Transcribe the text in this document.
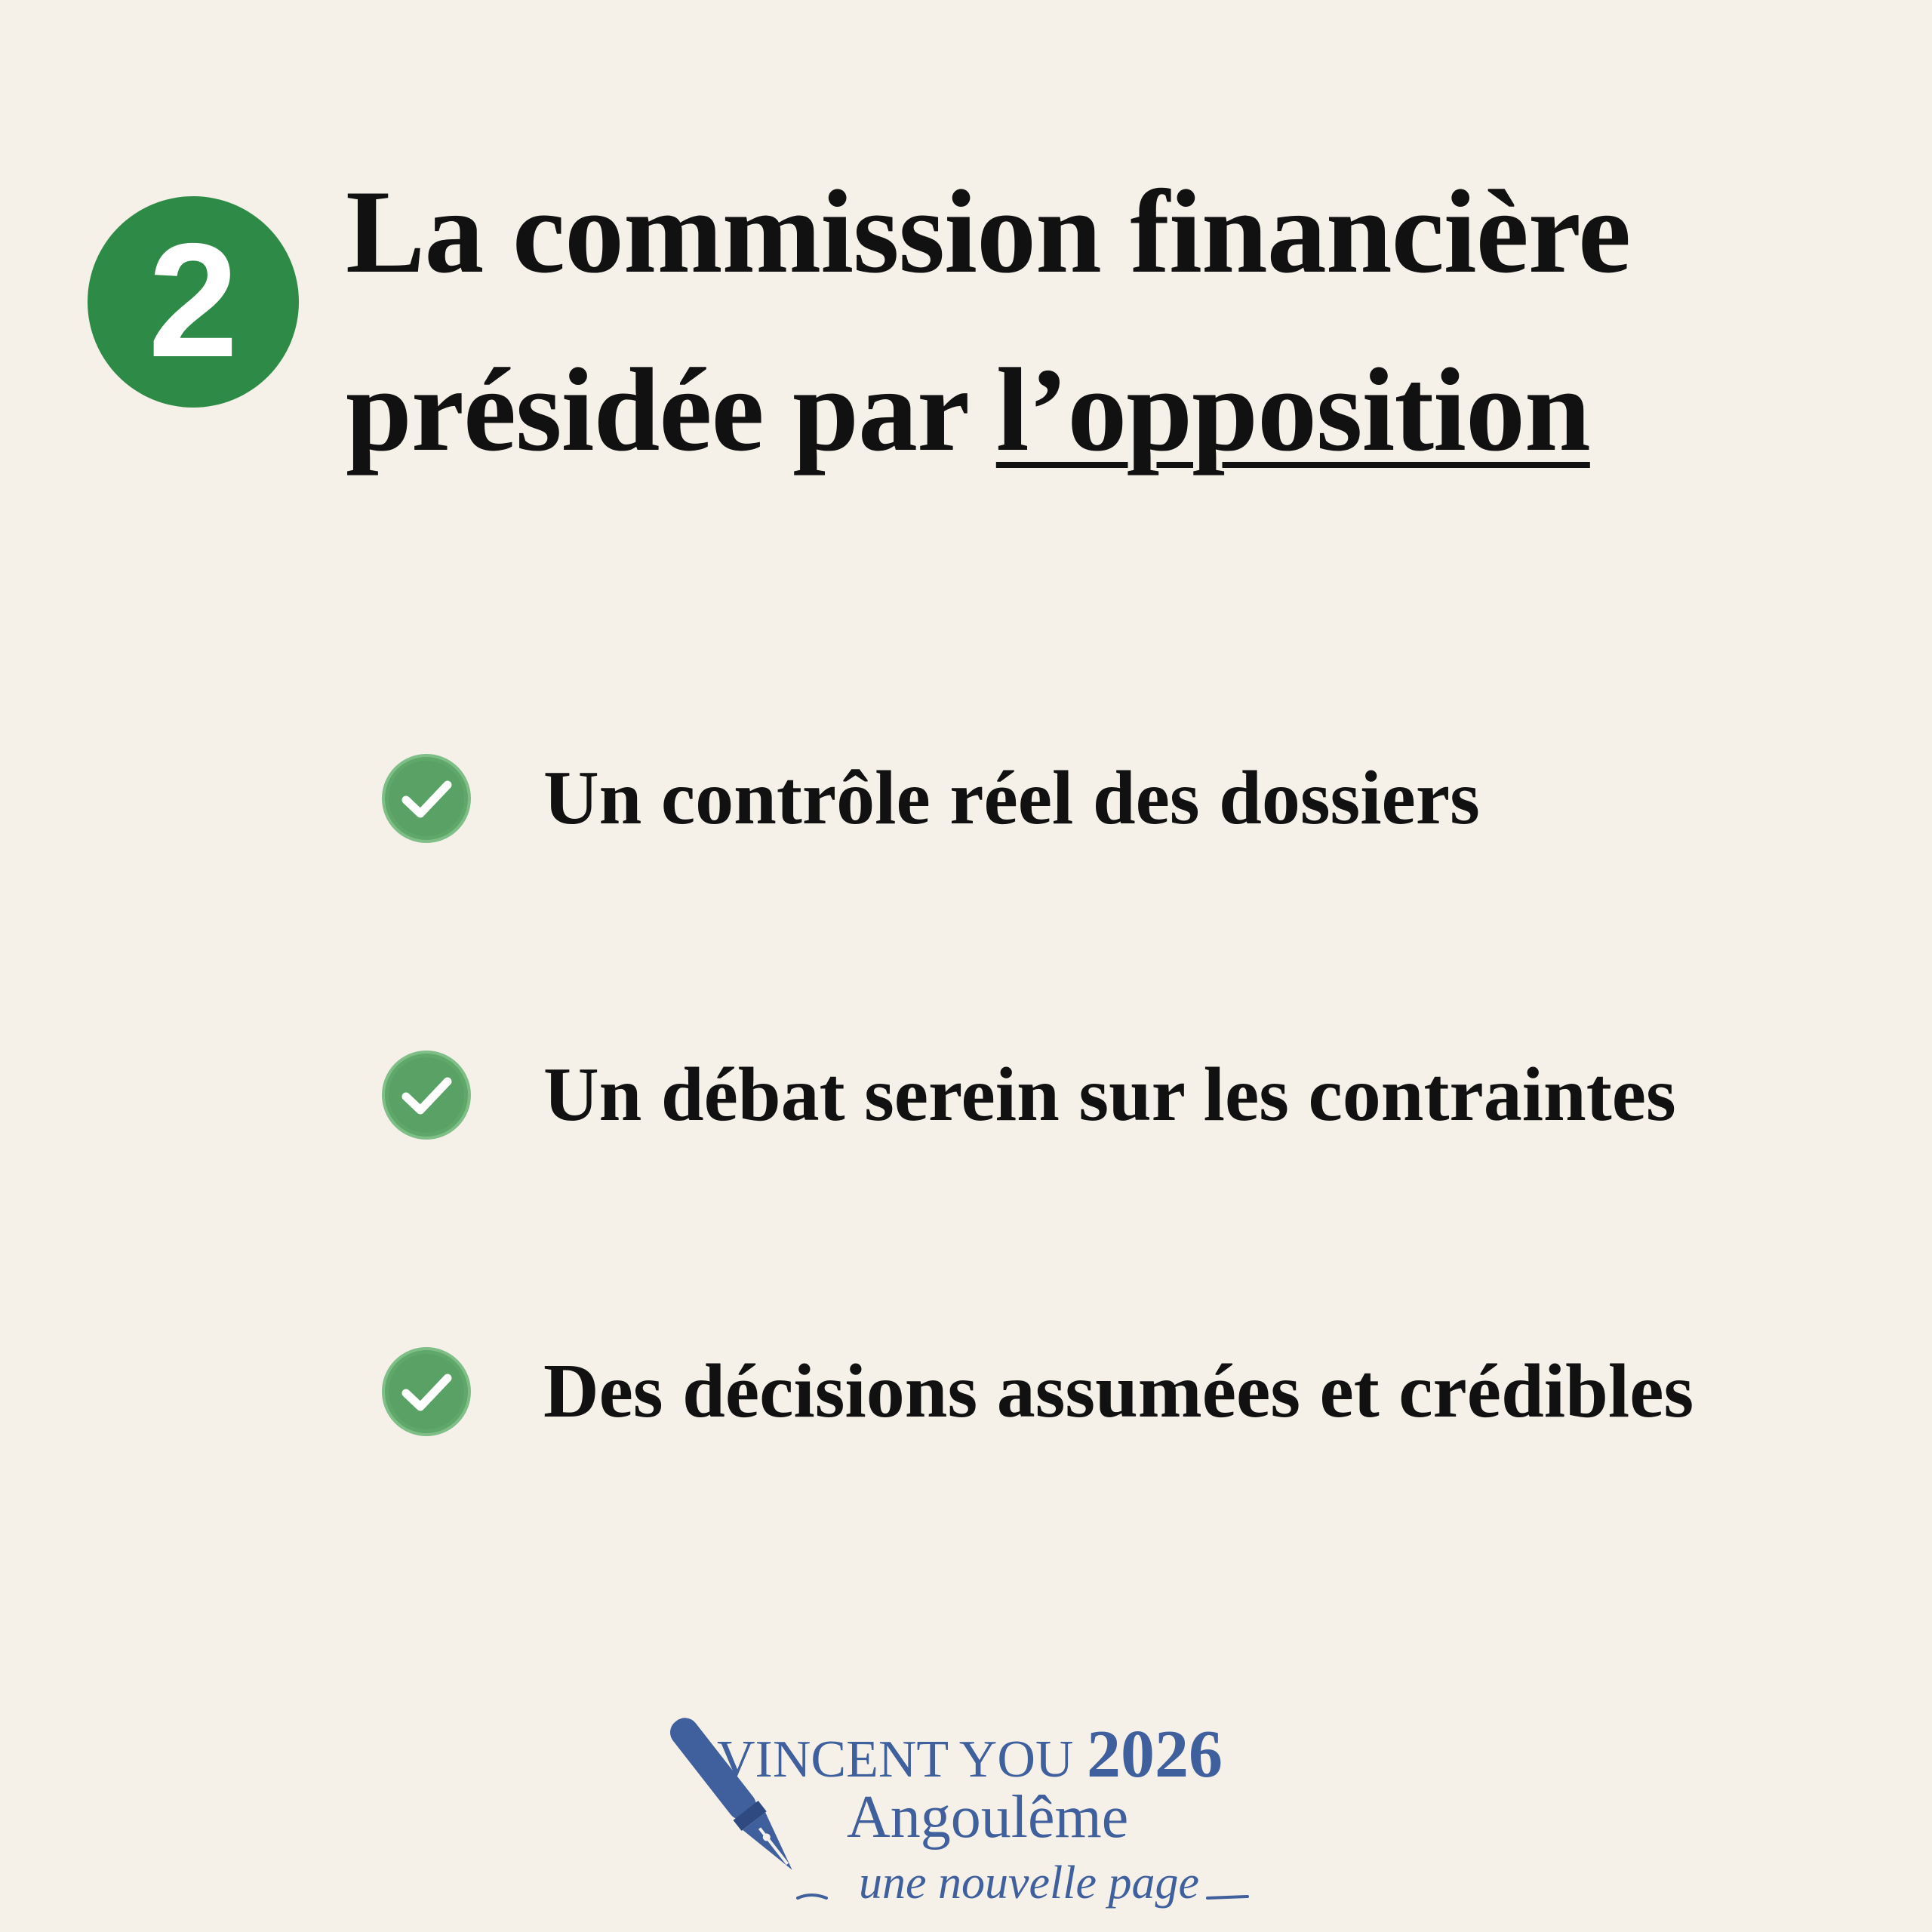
2 La commission financière
présidée par l’opposition
Un contrôle réel des dossiers
Un débat serein sur les contraintes
Des décisions assumées et crédibles
VINCENT YOU 2026
Angoulême
une nouvelle page
